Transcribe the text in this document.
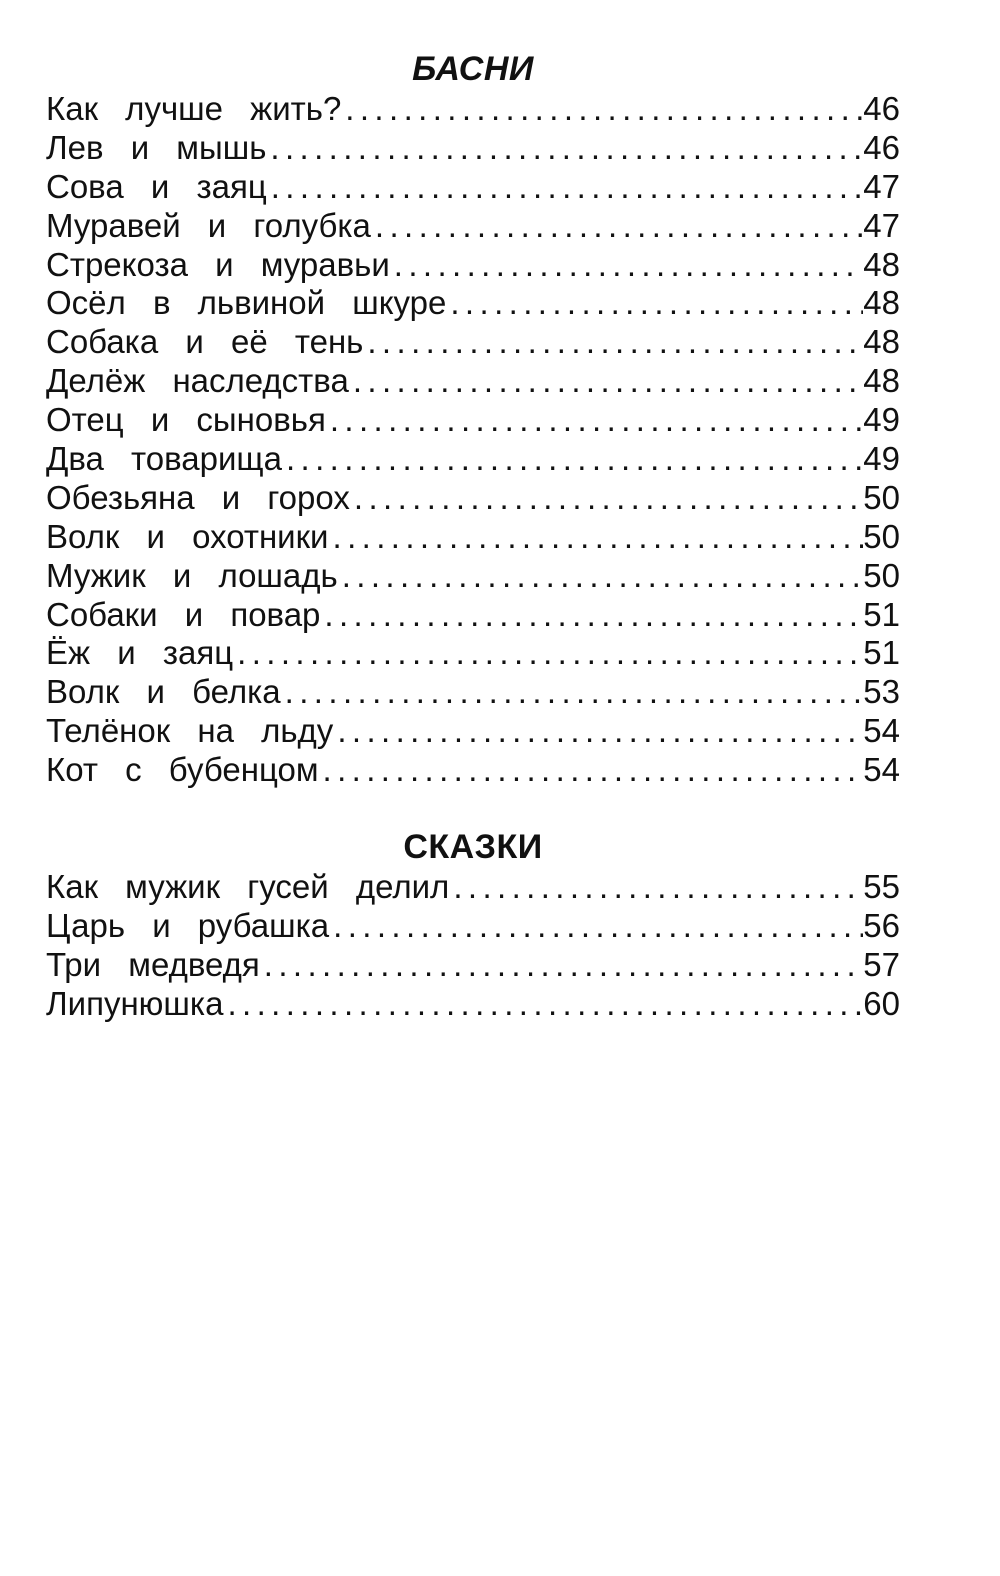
БАСНИ
Как лучше жить? .....	46
Лев и мышь .....	46
Сова и заяц .....	47
Муравей и голубка .....	47
Стрекоза и муравьи .....	48
Осёл в львиной шкуре .....	48
Собака и её тень .....	48
Делёж наследства .....	48
Отец и сыновья .....	49
Два товарища .....	49
Обезьяна и горох .....	50
Волк и охотники .....	50
Мужик и лошадь .....	50
Собаки и повар .....	51
Ёж и заяц .....	51
Волк и белка .....	53
Телёнок на льду .....	54
Кот с бубенцом .....	54
СКАЗКИ
Как мужик гусей делил .....	55
Царь и рубашка .....	56
Три медведя .....	57
Липунюшка .....	60
